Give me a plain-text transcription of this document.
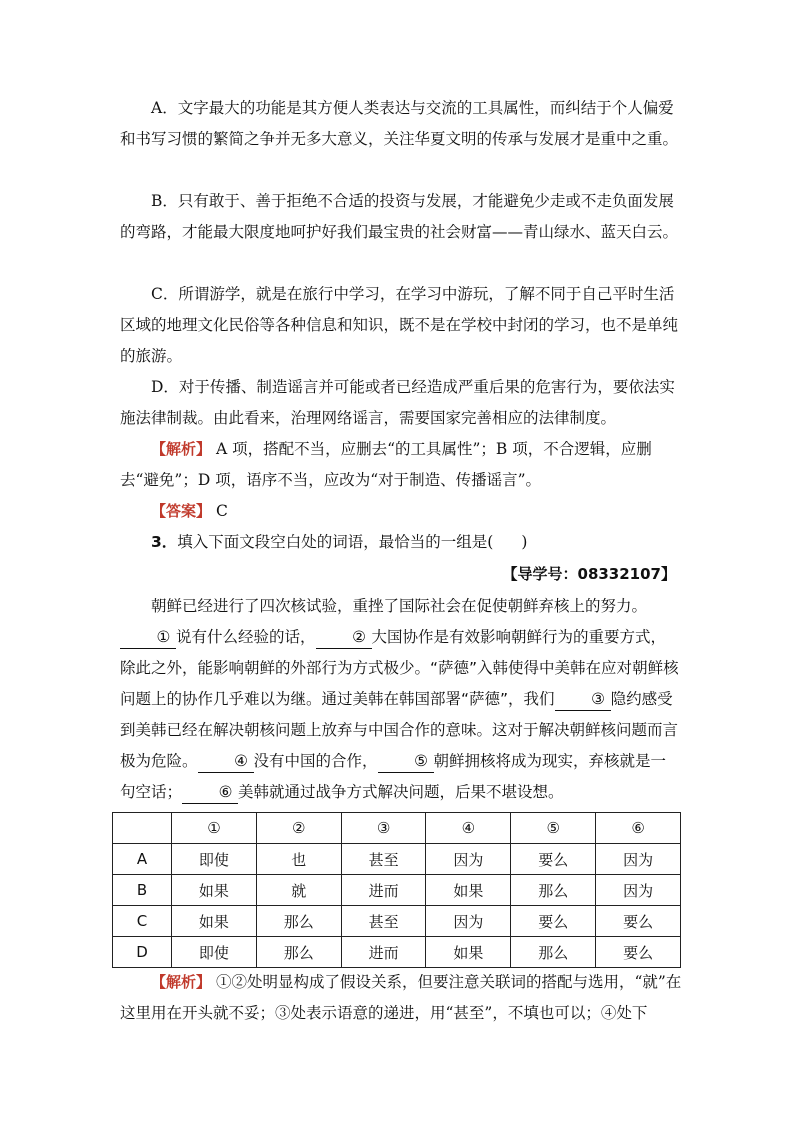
A．文字最大的功能是其方便人类表达与交流的工具属性，而纠结于个人偏爱和书写习惯的繁简之争并无多大意义，关注华夏文明的传承与发展才是重中之重。

B．只有敢于、善于拒绝不合适的投资与发展，才能避免少走或不走负面发展的弯路，才能最大限度地呵护好我们最宝贵的社会财富——青山绿水、蓝天白云。

C．所谓游学，就是在旅行中学习，在学习中游玩，了解不同于自己平时生活区域的地理文化民俗等各种信息和知识，既不是在学校中封闭的学习，也不是单纯的旅游。

D．对于传播、制造谣言并可能或者已经造成严重后果的危害行为，要依法实施法律制裁。由此看来，治理网络谣言，需要国家完善相应的法律制度。

【解析】 A 项，搭配不当，应删去“的工具属性”；B 项，不合逻辑，应删去“避免”；D 项，语序不当，应改为“对于制造、传播谣言”。

【答案】 C

3．填入下面文段空白处的词语，最恰当的一组是( )

【导学号：08332107】

朝鲜已经进行了四次核试验，重挫了国际社会在促使朝鲜弃核上的努力。① 说有什么经验的话， ② 大国协作是有效影响朝鲜行为的重要方式，除此之外，能影响朝鲜的外部行为方式极少。“萨德”入韩使得中美韩在应对朝鲜核问题上的协作几乎难以为继。通过美韩在韩国部署“萨德”，我们 ③ 隐约感受到美韩已经在解决朝核问题上放弃与中国合作的意味。这对于解决朝鲜核问题而言极为危险。 ④ 没有中国的合作， ⑤ 朝鲜拥核将成为现实，弃核就是一句空话； ⑥ 美韩就通过战争方式解决问题，后果不堪设想。

	①	②	③	④	⑤	⑥
A	即使	也	甚至	因为	要么	因为
B	如果	就	进而	如果	那么	因为
C	如果	那么	甚至	因为	要么	要么
D	即使	那么	进而	如果	那么	要么

【解析】 ①②处明显构成了假设关系，但要注意关联词的搭配与选用，“就”在这里用在开头就不妥；③处表示语意的递进，用“甚至”，不填也可以；④处下
